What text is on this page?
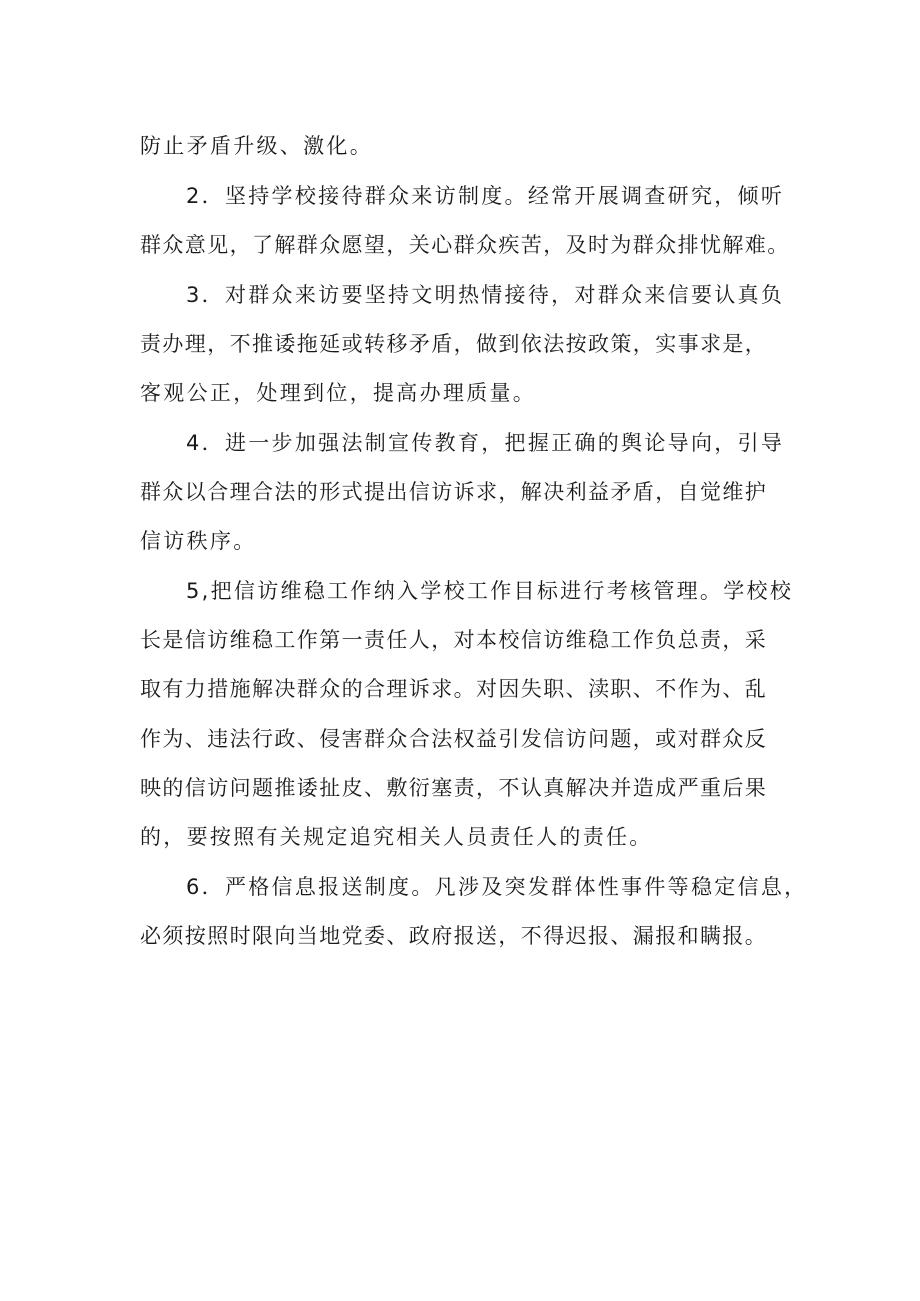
防止矛盾升级、激化。
2．坚持学校接待群众来访制度。经常开展调查研究，倾听
群众意见，了解群众愿望，关心群众疾苦，及时为群众排忧解难。
3．对群众来访要坚持文明热情接待，对群众来信要认真负
责办理，不推诿拖延或转移矛盾，做到依法按政策，实事求是，
客观公正，处理到位，提高办理质量。
4．进一步加强法制宣传教育，把握正确的舆论导向，引导
群众以合理合法的形式提出信访诉求，解决利益矛盾，自觉维护
信访秩序。
5,把信访维稳工作纳入学校工作目标进行考核管理。学校校
长是信访维稳工作第一责任人，对本校信访维稳工作负总责，采
取有力措施解决群众的合理诉求。对因失职、渎职、不作为、乱
作为、违法行政、侵害群众合法权益引发信访问题，或对群众反
映的信访问题推诿扯皮、敷衍塞责，不认真解决并造成严重后果
的，要按照有关规定追究相关人员责任人的责任。
6．严格信息报送制度。凡涉及突发群体性事件等稳定信息，
必须按照时限向当地党委、政府报送，不得迟报、漏报和瞒报。
